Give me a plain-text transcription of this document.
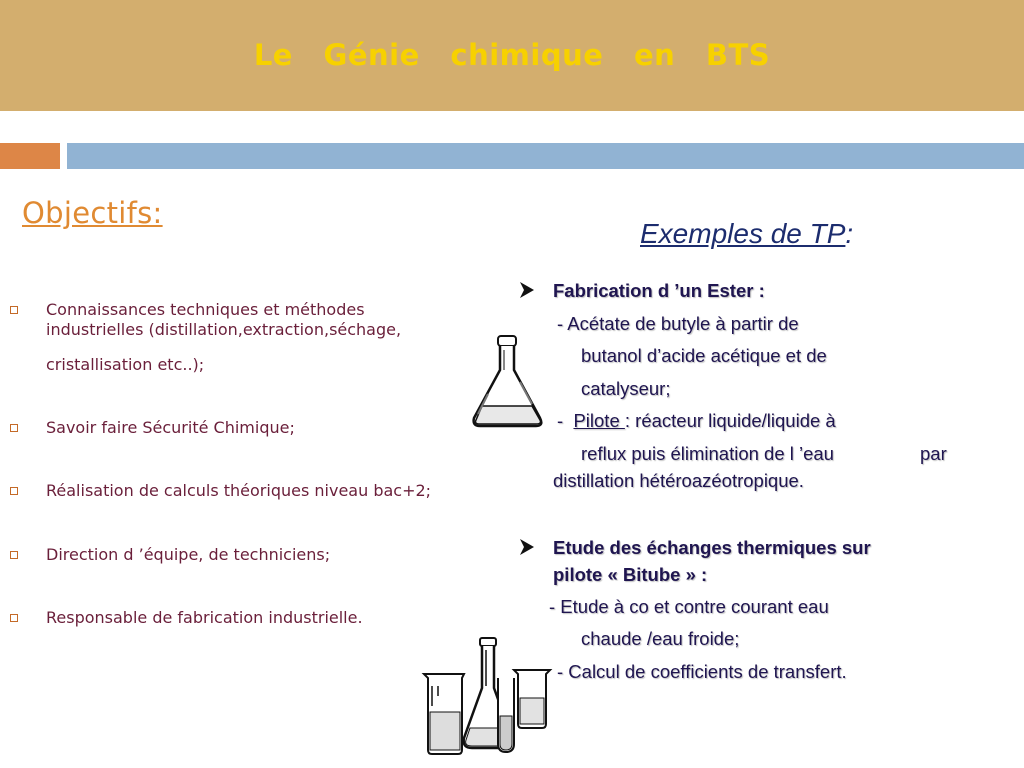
Le Génie chimique en BTS
Objectifs:
Connaissances techniques et méthodes
industrielles (distillation,extraction,séchage,
cristallisation etc..);
Savoir faire Sécurité Chimique;
Réalisation de calculs théoriques niveau bac+2;
Direction d ’équipe, de techniciens;
Responsable de fabrication industrielle.
Exemples de TP:
Fabrication d ’un Ester :
- Acétate de butyle à partir de
butanol d’acide acétique et de
catalyseur;
-  Pilote : réacteur liquide/liquide à
reflux puis élimination de l ’eau	par
distillation hétéroazéotropique.
Etude des échanges thermiques sur
pilote « Bitube » :
- Etude à co et contre courant eau
chaude /eau froide;
- Calcul de coefficients de transfert.
